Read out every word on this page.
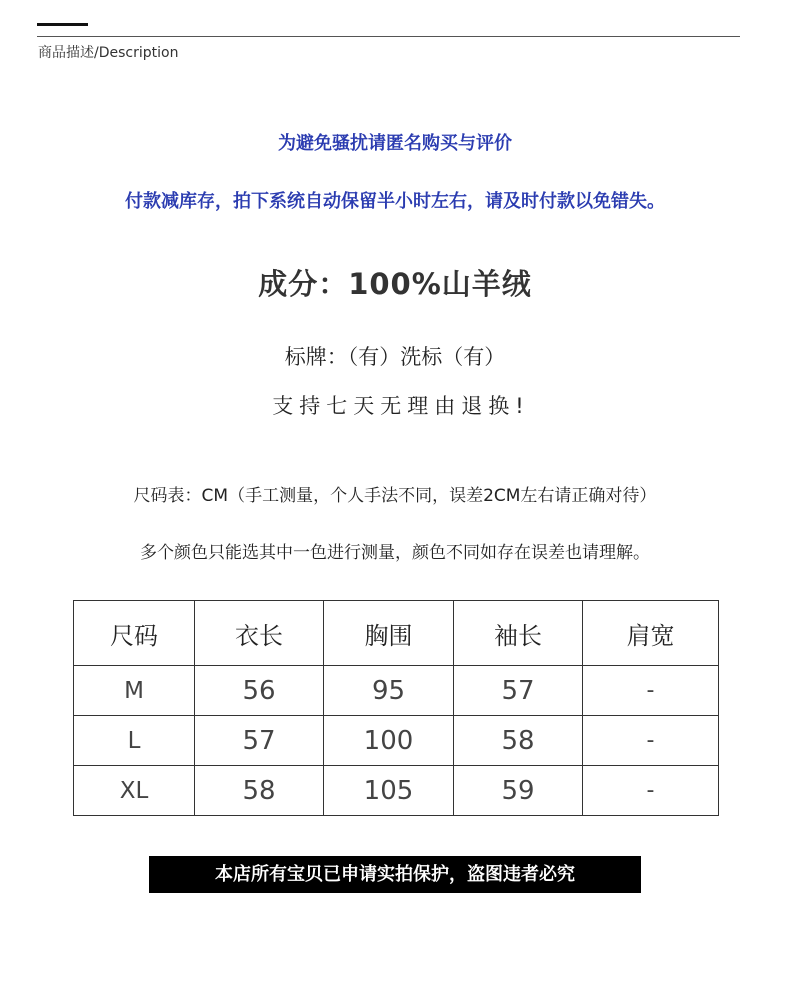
商品描述/Description
为避免骚扰请匿名购买与评价
付款减库存，拍下系统自动保留半小时左右，请及时付款以免错失。
成分：100%山羊绒
标牌：（有）洗标（有）
支持七天无理由退换!
尺码表：CM（手工测量，个人手法不同，误差2CM左右请正确对待）
多个颜色只能选其中一色进行测量，颜色不同如存在误差也请理解。
尺码	衣长	胸围	袖长	肩宽
M	56	95	57	-
L	57	100	58	-
XL	58	105	59	-
本店所有宝贝已申请实拍保护，盗图违者必究
